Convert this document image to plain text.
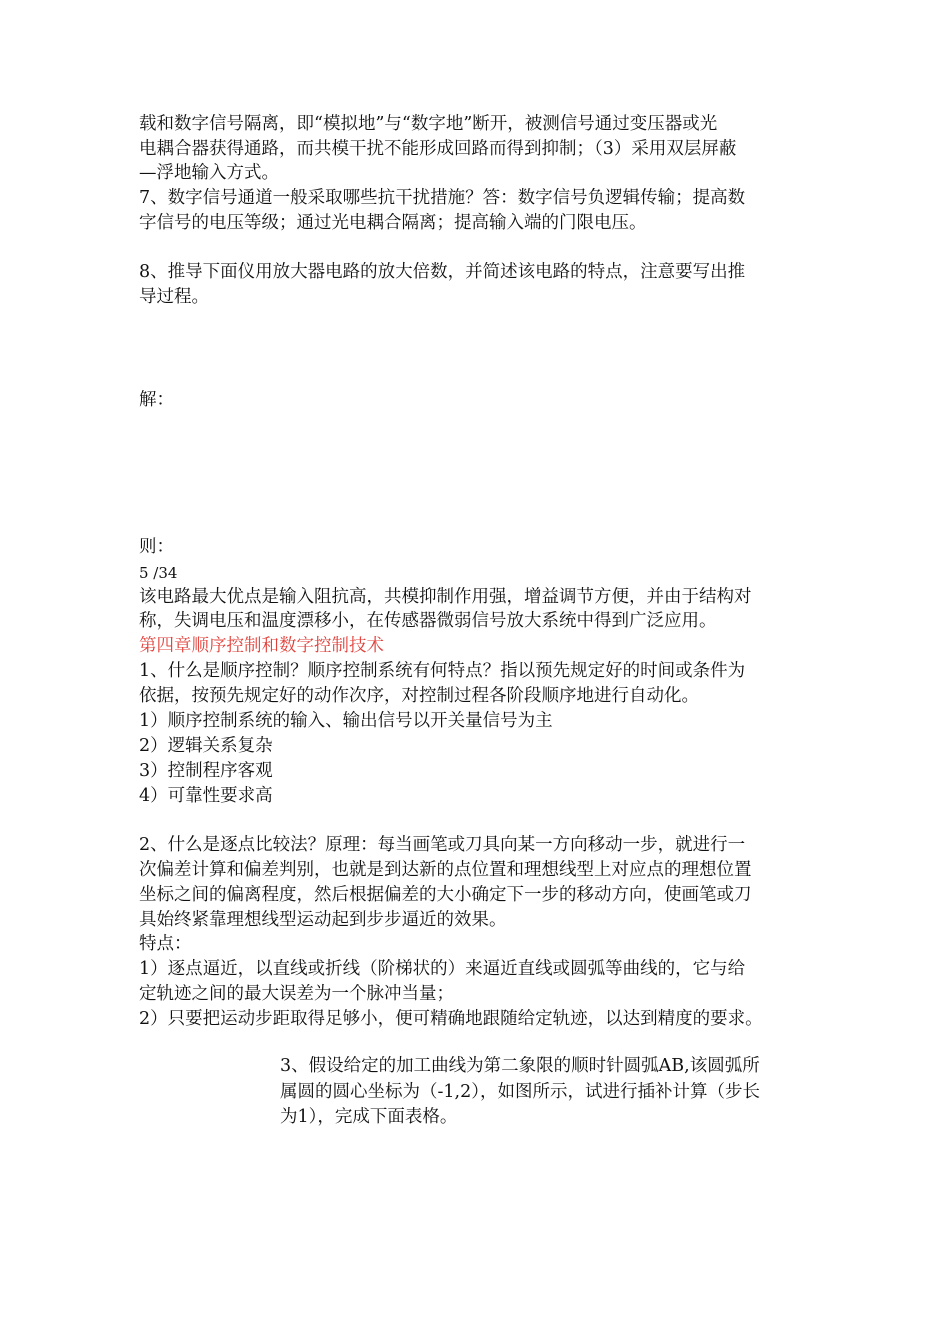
载和数字信号隔离，即“模拟地”与“数字地”断开，被测信号通过变压器或光
电耦合器获得通路，而共模干扰不能形成回路而得到抑制；（3）采用双层屏蔽
—浮地输入方式。
7、数字信号通道一般采取哪些抗干扰措施？答：数字信号负逻辑传输；提高数
字信号的电压等级；通过光电耦合隔离；提高输入端的门限电压。
8、推导下面仪用放大器电路的放大倍数，并简述该电路的特点，注意要写出推
导过程。
解：
则：
5 /34
该电路最大优点是输入阻抗高，共模抑制作用强，增益调节方便，并由于结构对
称，失调电压和温度漂移小，在传感器微弱信号放大系统中得到广泛应用。
第四章顺序控制和数字控制技术
1、什么是顺序控制？顺序控制系统有何特点？指以预先规定好的时间或条件为
依据，按预先规定好的动作次序，对控制过程各阶段顺序地进行自动化。
1）顺序控制系统的输入、输出信号以开关量信号为主
2）逻辑关系复杂
3）控制程序客观
4）可靠性要求高
2、什么是逐点比较法？原理：每当画笔或刀具向某一方向移动一步，就进行一
次偏差计算和偏差判别，也就是到达新的点位置和理想线型上对应点的理想位置
坐标之间的偏离程度，然后根据偏差的大小确定下一步的移动方向，使画笔或刀
具始终紧靠理想线型运动起到步步逼近的效果。
特点：
1）逐点逼近，以直线或折线（阶梯状的）来逼近直线或圆弧等曲线的，它与给
定轨迹之间的最大误差为一个脉冲当量；
2）只要把运动步距取得足够小，便可精确地跟随给定轨迹，以达到精度的要求。
3、假设给定的加工曲线为第二象限的顺时针圆弧AB,该圆弧所
属圆的圆心坐标为（-1,2），如图所示，试进行插补计算（步长
为1），完成下面表格。
